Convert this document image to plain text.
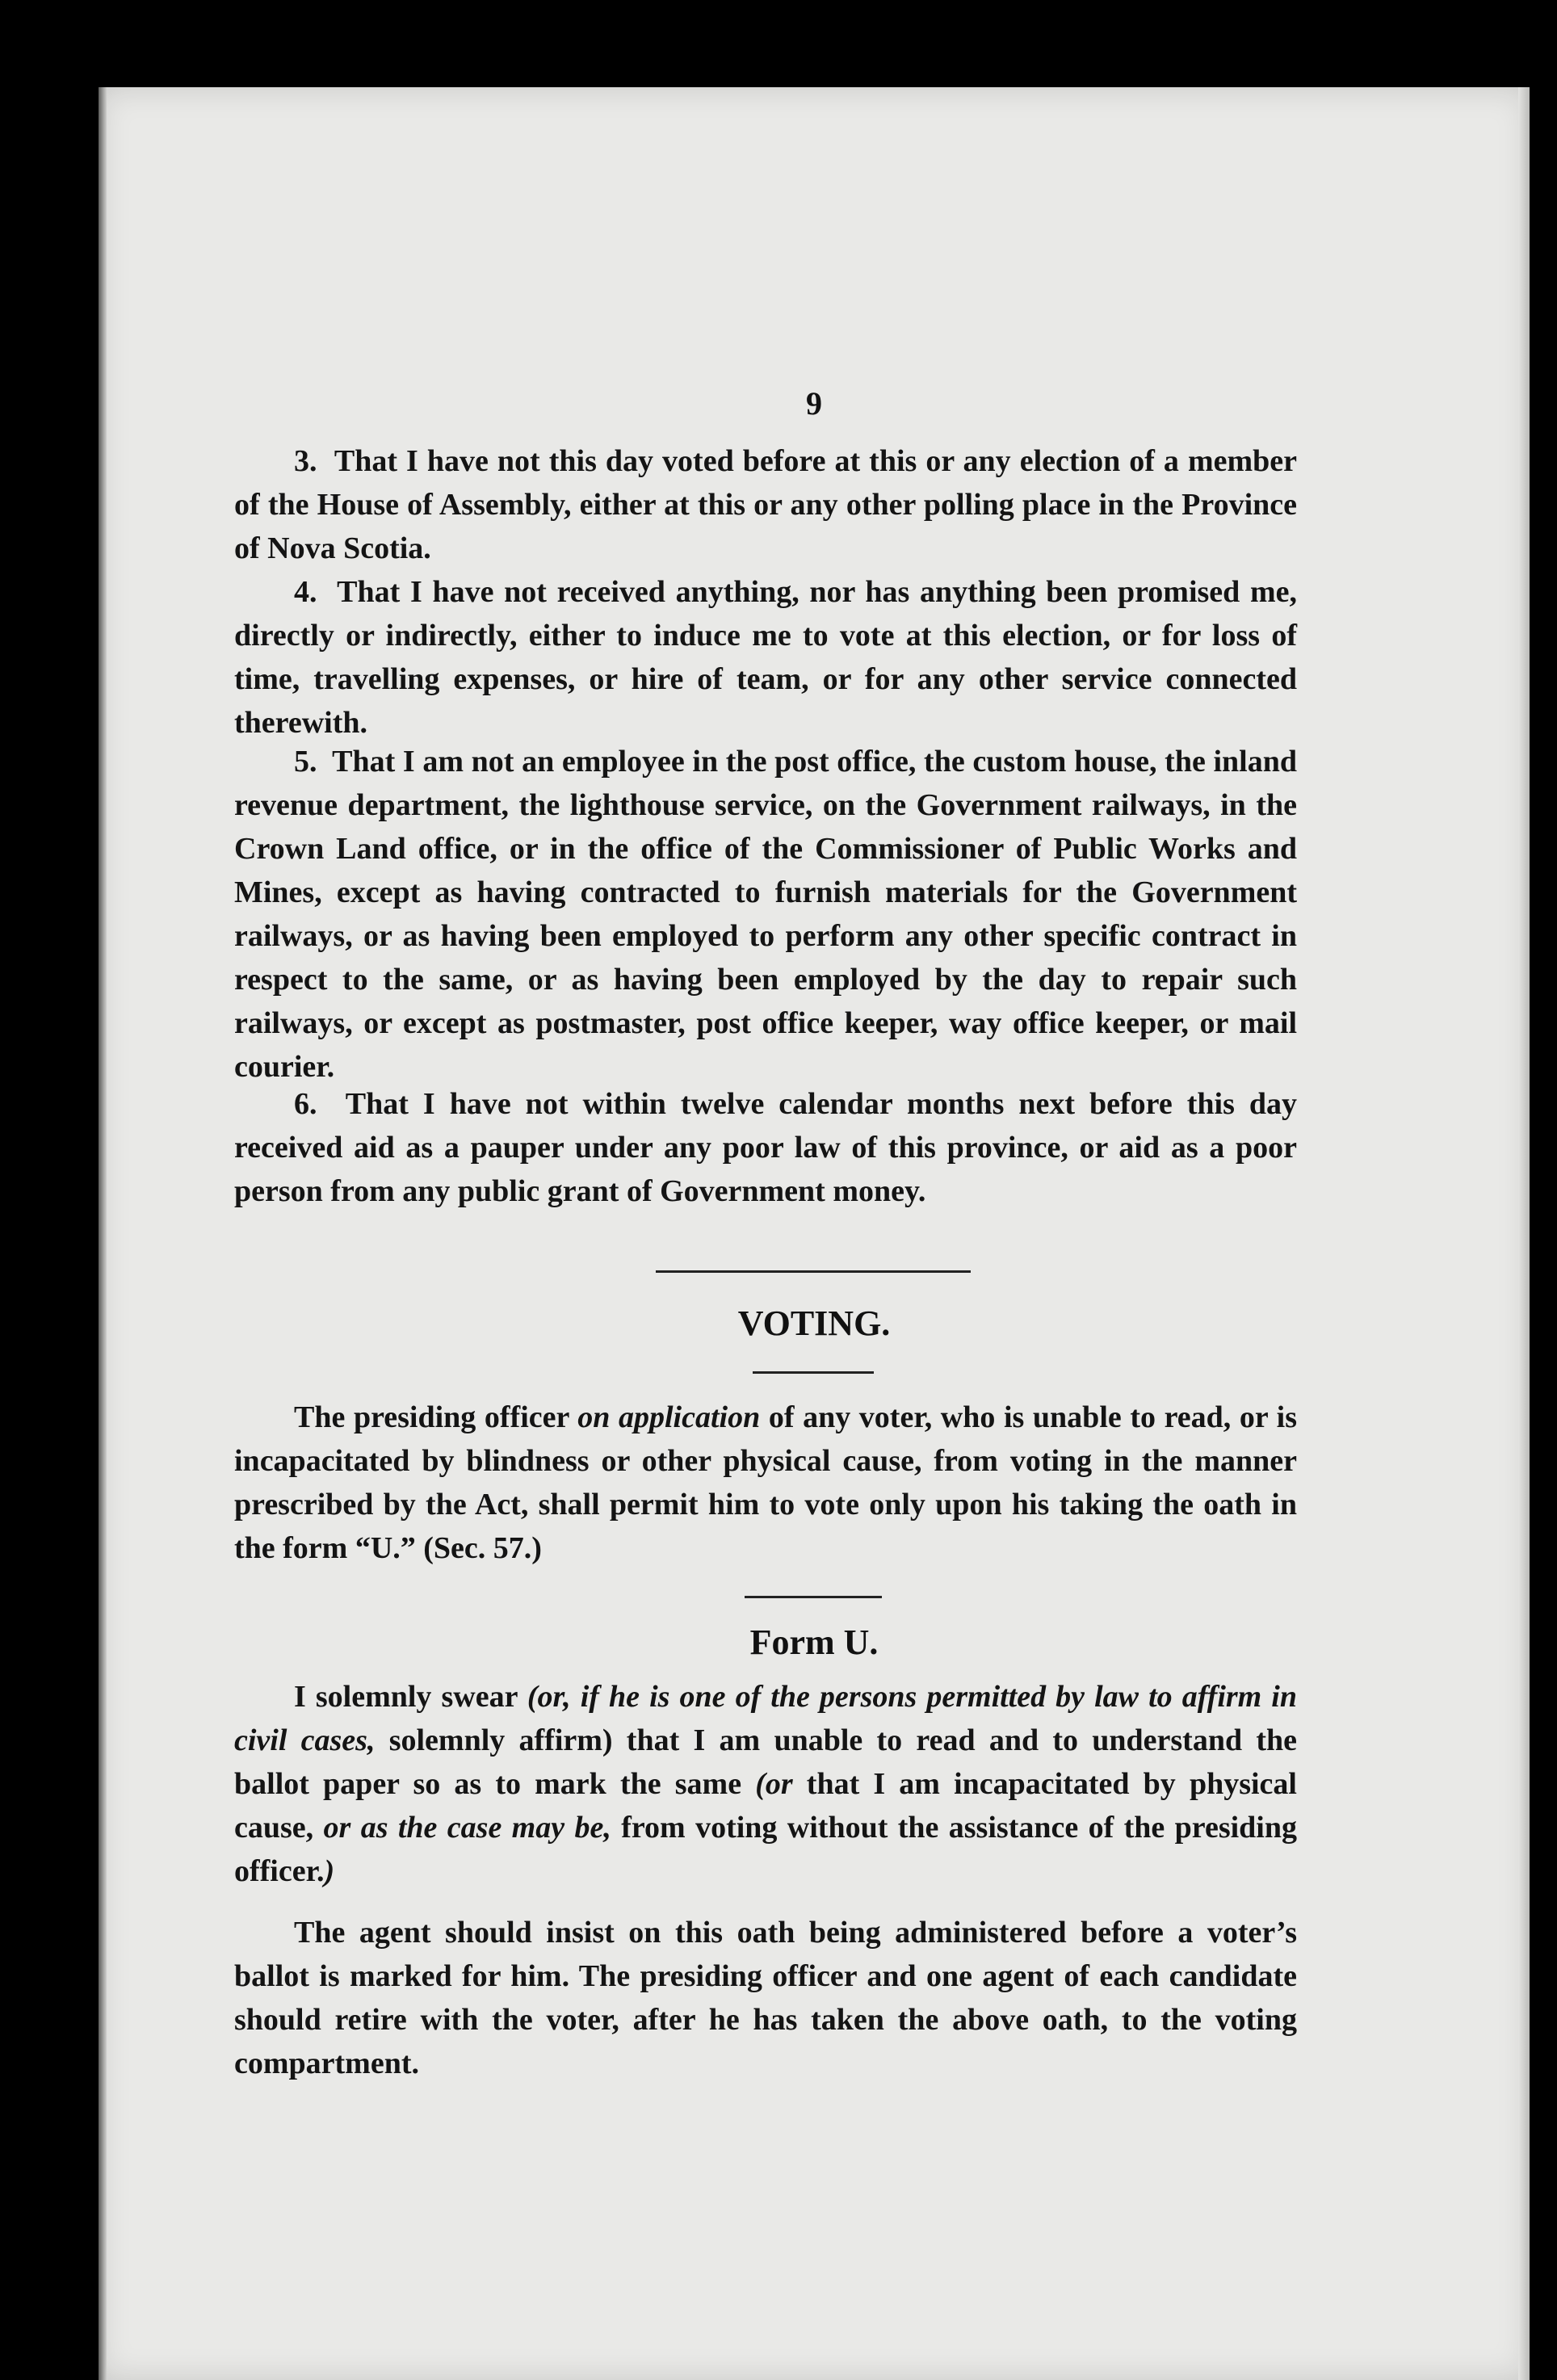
9

3. That I have not this day voted before at this or any election of a member of the House of Assembly, either at this or any other polling place in the Province of Nova Scotia.

4. That I have not received anything, nor has anything been promised me, directly or indirectly, either to induce me to vote at this election, or for loss of time, travelling expenses, or hire of team, or for any other service connected therewith.

5. That I am not an employee in the post office, the custom house, the inland revenue department, the lighthouse service, on the Government railways, in the Crown Land office, or in the office of the Commissioner of Public Works and Mines, except as having contracted to furnish materials for the Government railways, or as having been employed to perform any other specific contract in respect to the same, or as having been employed by the day to repair such railways, or except as postmaster, post office keeper, way office keeper, or mail courier.

6. That I have not within twelve calendar months next before this day received aid as a pauper under any poor law of this province, or aid as a poor person from any public grant of Government money.

VOTING.

The presiding officer on application of any voter, who is unable to read, or is incapacitated by blindness or other physical cause, from voting in the manner prescribed by the Act, shall permit him to vote only upon his taking the oath in the form “U.” (Sec. 57.)

Form U.

I solemnly swear (or, if he is one of the persons permitted by law to affirm in civil cases, solemnly affirm) that I am unable to read and to understand the ballot paper so as to mark the same (or that I am incapacitated by physical cause, or as the case may be, from voting without the assistance of the presiding officer.)

The agent should insist on this oath being administered before a voter’s ballot is marked for him. The presiding officer and one agent of each candidate should retire with the voter, after he has taken the above oath, to the voting compartment.
